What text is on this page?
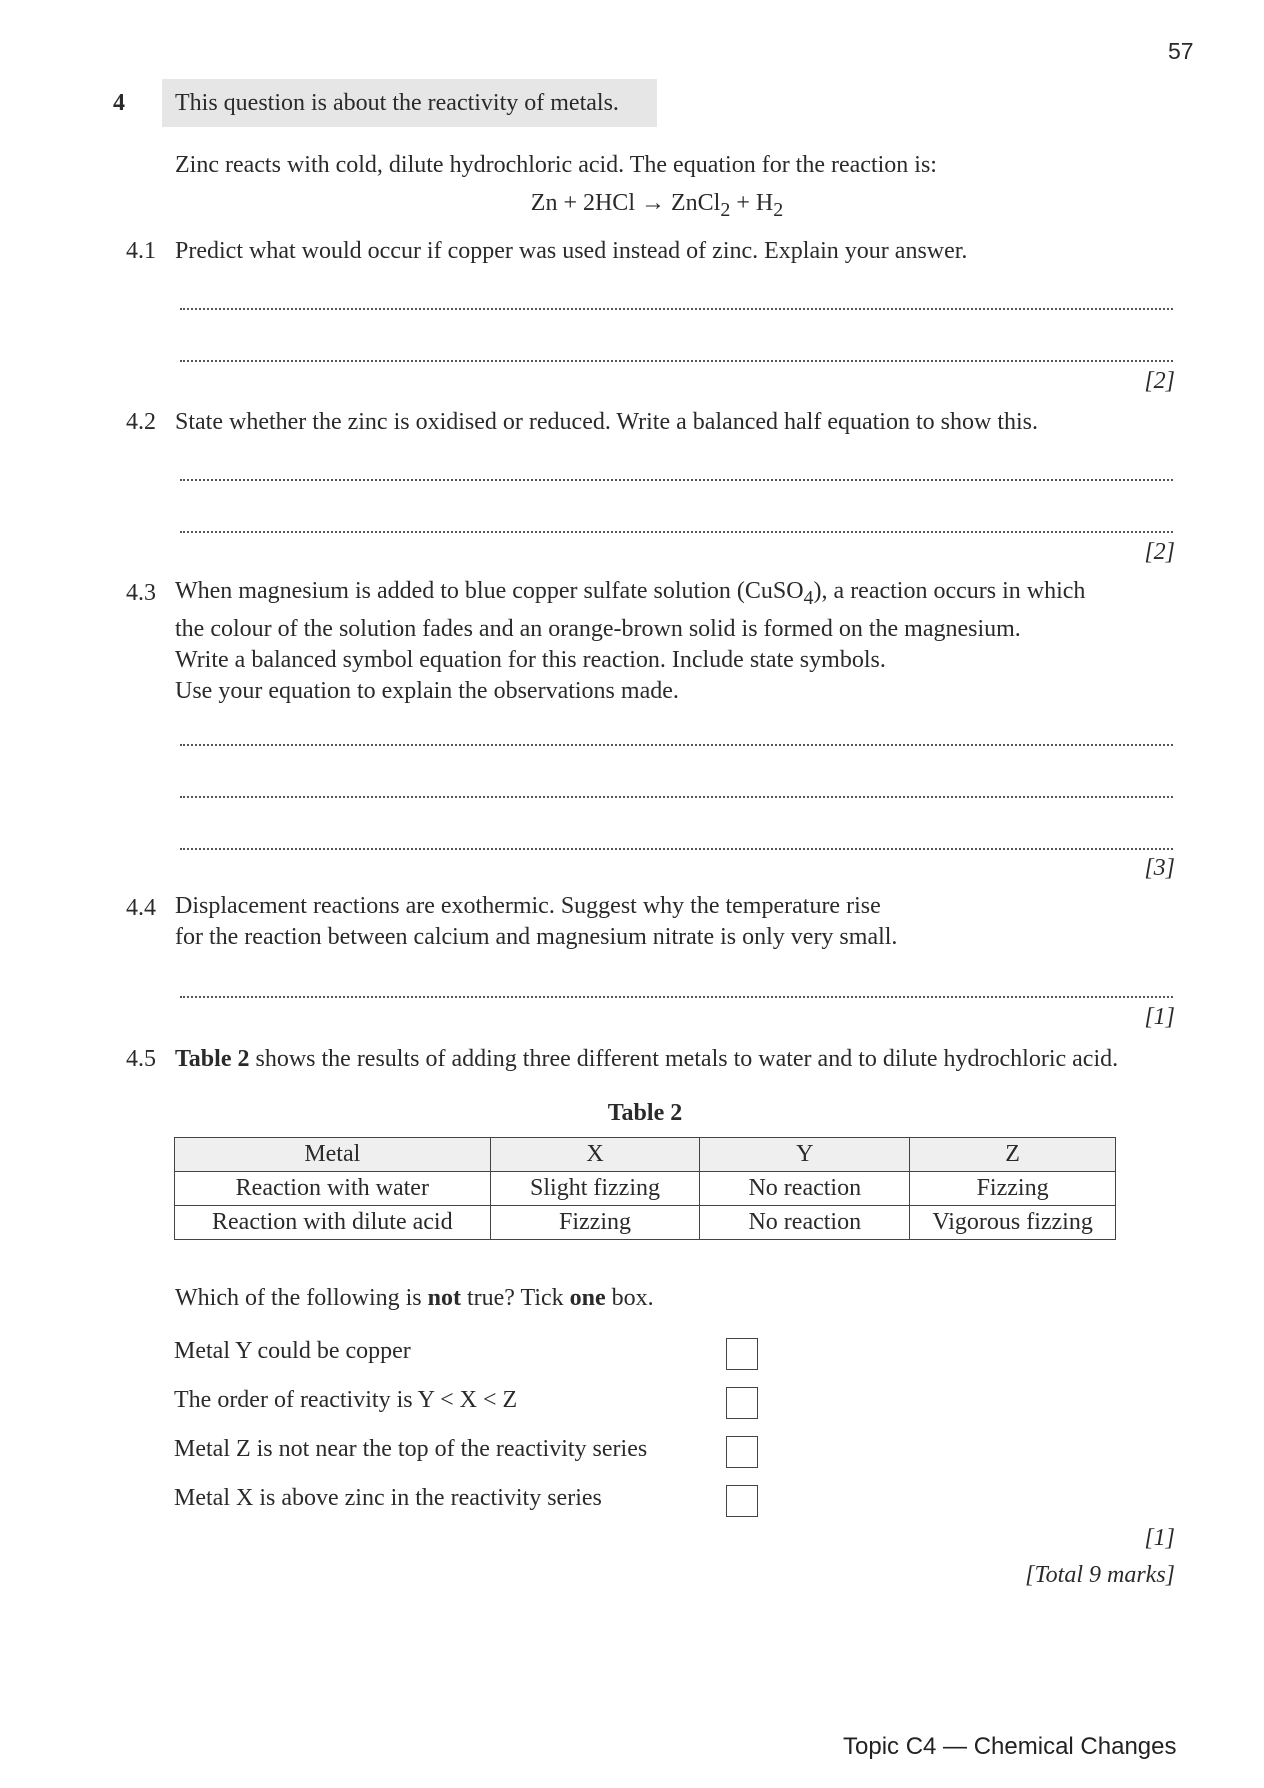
57
4	This question is about the reactivity of metals.
Zinc reacts with cold, dilute hydrochloric acid. The equation for the reaction is:
Zn + 2HCl → ZnCl$_2$ + $H_2$
4.1 Predict what would occur if copper was used instead of zinc. Explain your answer.
[2]
4.2 State whether the zinc is oxidised or reduced. Write a balanced half equation to show this.
[2]
4.3 When magnesium is added to blue copper sulfate solution (CuSO$_4$), a reaction occurs in which
the colour of the solution fades and an orange-brown solid is formed on the magnesium.
Write a balanced symbol equation for this reaction. Include state symbols.
Use your equation to explain the observations made.
[3]
4.4 Displacement reactions are exothermic. Suggest why the temperature rise
for the reaction between calcium and magnesium nitrate is only very small.
[1]
4.5 Table 2 shows the results of adding three different metals to water and to dilute hydrochloric acid.
Table 2
Metal	X	Y	Z
Reaction with water	Slight fizzing	No reaction	Fizzing
Reaction with dilute acid	Fizzing	No reaction	Vigorous fizzing
Which of the following is not true? Tick one box.
Metal Y could be copper
The order of reactivity is Y < X < Z
Metal Z is not near the top of the reactivity series
Metal X is above zinc in the reactivity series
[1]
[Total 9 marks]
Topic C4 — Chemical Changes
